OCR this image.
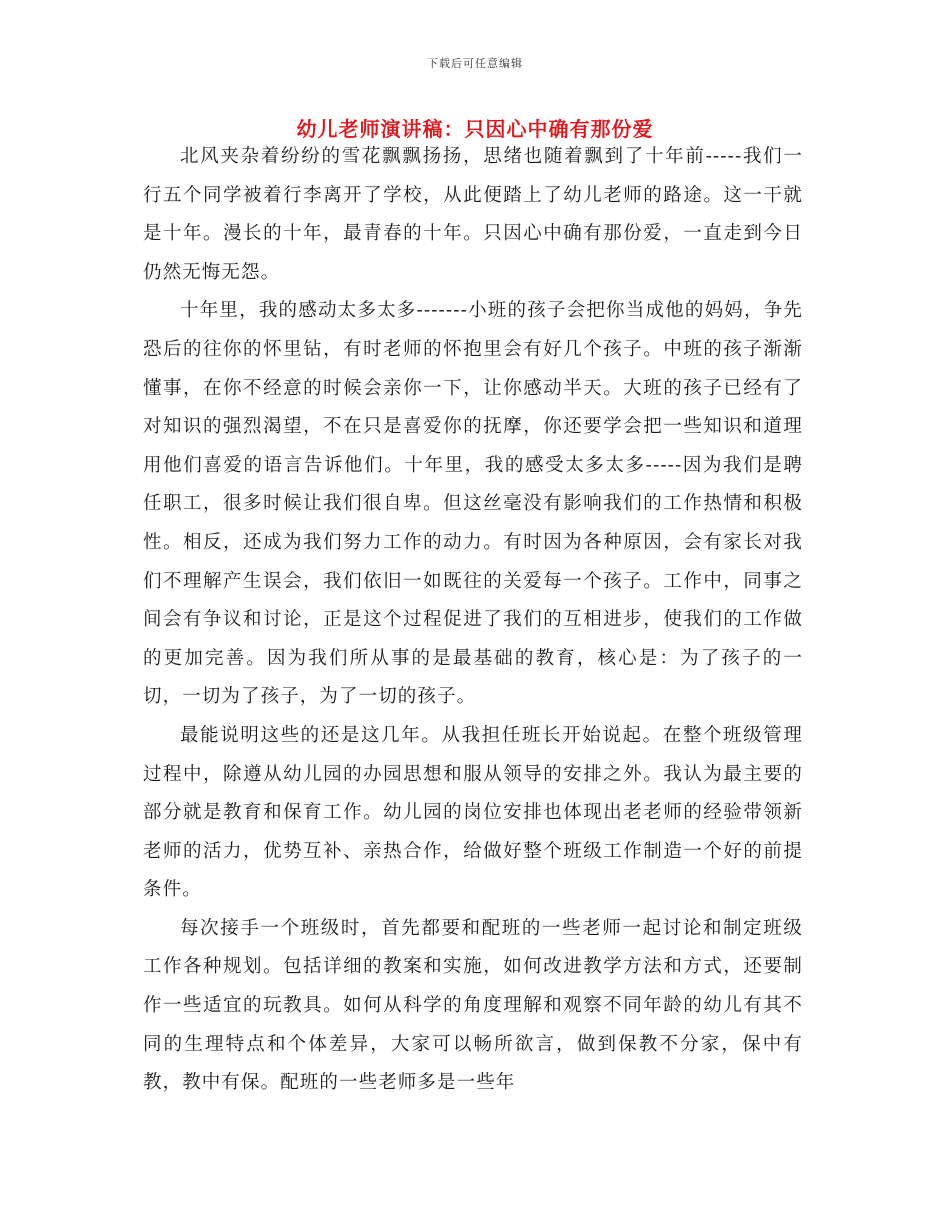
下载后可任意编辑
幼儿老师演讲稿：只因心中确有那份爱

北风夹杂着纷纷的雪花飘飘扬扬，思绪也随着飘到了十年前-----我们一行五个同学被着行李离开了学校，从此便踏上了幼儿老师的路途。这一干就是十年。漫长的十年，最青春的十年。只因心中确有那份爱，一直走到今日仍然无悔无怨。

十年里，我的感动太多太多-------小班的孩子会把你当成他的妈妈，争先恐后的往你的怀里钻，有时老师的怀抱里会有好几个孩子。中班的孩子渐渐懂事，在你不经意的时候会亲你一下，让你感动半天。大班的孩子已经有了对知识的强烈渴望，不在只是喜爱你的抚摩，你还要学会把一些知识和道理用他们喜爱的语言告诉他们。十年里，我的感受太多太多-----因为我们是聘任职工，很多时候让我们很自卑。但这丝毫没有影响我们的工作热情和积极性。相反，还成为我们努力工作的动力。有时因为各种原因，会有家长对我们不理解产生误会，我们依旧一如既往的关爱每一个孩子。工作中，同事之间会有争议和讨论，正是这个过程促进了我们的互相进步，使我们的工作做的更加完善。因为我们所从事的是最基础的教育，核心是：为了孩子的一切，一切为了孩子，为了一切的孩子。

最能说明这些的还是这几年。从我担任班长开始说起。在整个班级管理过程中，除遵从幼儿园的办园思想和服从领导的安排之外。我认为最主要的部分就是教育和保育工作。幼儿园的岗位安排也体现出老老师的经验带领新老师的活力，优势互补、亲热合作，给做好整个班级工作制造一个好的前提条件。

每次接手一个班级时，首先都要和配班的一些老师一起讨论和制定班级工作各种规划。包括详细的教案和实施，如何改进教学方法和方式，还要制作一些适宜的玩教具。如何从科学的角度理解和观察不同年龄的幼儿有其不同的生理特点和个体差异，大家可以畅所欲言，做到保教不分家，保中有教，教中有保。配班的一些老师多是一些年
